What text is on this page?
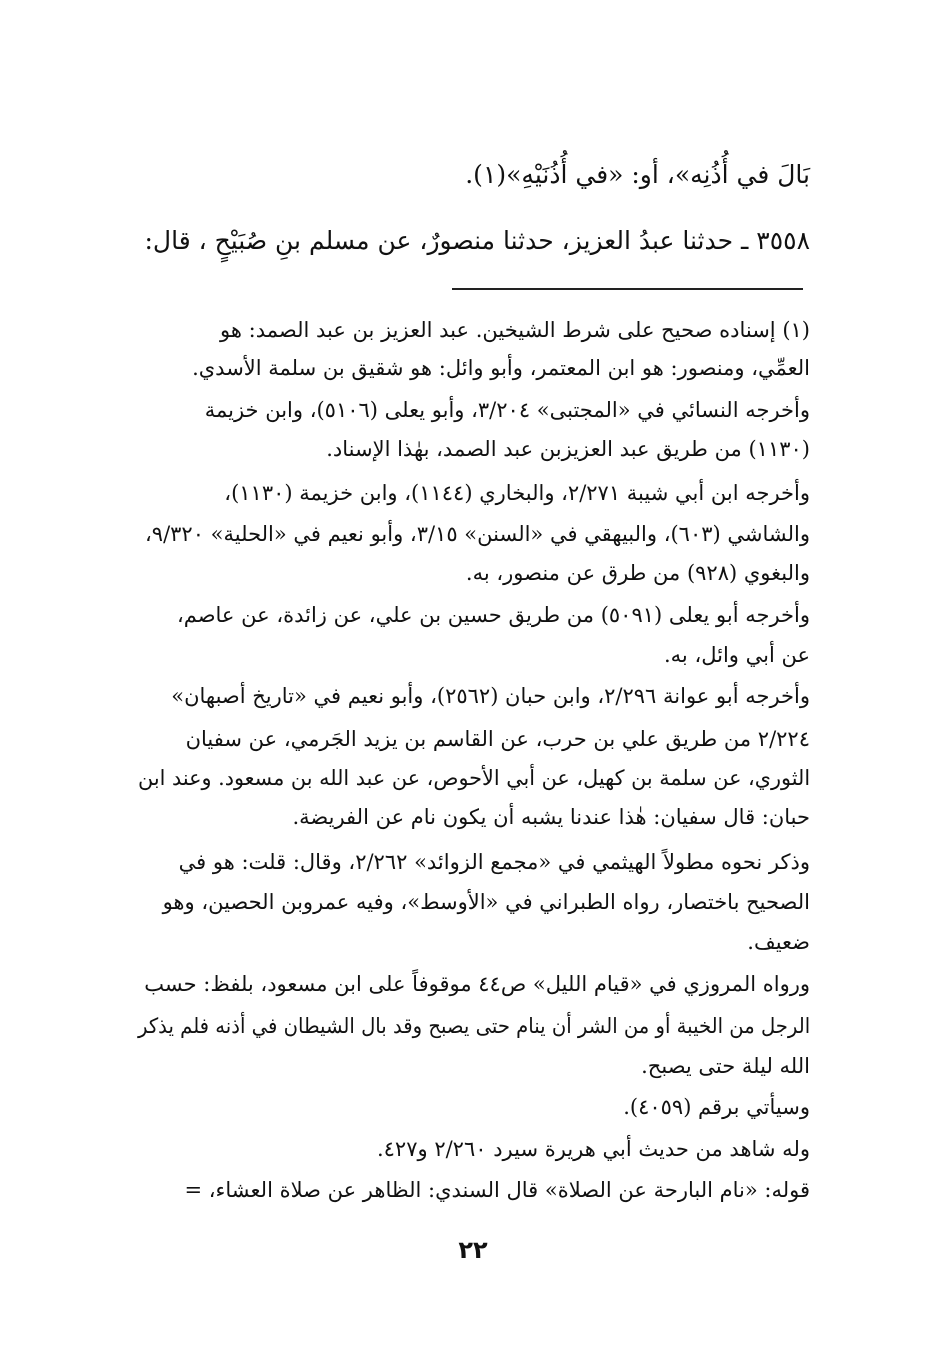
بَالَ في أُذُنِه»، أو: «في أُذُنَيْهِ»(١).
٣٥٥٨ ـ حدثنا عبدُ العزيز، حدثنا منصورٌ، عن مسلم بنِ صُبَيْحٍ ، قال:
(١) إسناده صحيح على شرط الشيخين. عبد العزيز بن عبد الصمد: هو
العمِّي، ومنصور: هو ابن المعتمر، وأبو وائل: هو شقيق بن سلمة الأسدي.
وأخرجه النسائي في «المجتبى» ٣/٢٠٤، وأبو يعلى (٥١٠٦)، وابن خزيمة
(١١٣٠) من طريق عبد العزيزبن عبد الصمد، بهٰذا الإسناد.
وأخرجه ابن أبي شيبة ٢/٢٧١، والبخاري (١١٤٤)، وابن خزيمة (١١٣٠)،
والشاشي (٦٠٣)، والبيهقي في «السنن» ٣/١٥، وأبو نعيم في «الحلية» ٩/٣٢٠،
والبغوي (٩٢٨) من طرق عن منصور، به.
وأخرجه أبو يعلى (٥٠٩١) من طريق حسين بن علي، عن زائدة، عن عاصم،
عن أبي وائل، به.
وأخرجه أبو عوانة ٢/٢٩٦، وابن حبان (٢٥٦٢)، وأبو نعيم في «تاريخ أصبهان»
٢/٢٢٤ من طريق علي بن حرب، عن القاسم بن يزيد الجَرمي، عن سفيان
الثوري، عن سلمة بن كهيل، عن أبي الأحوص، عن عبد الله بن مسعود. وعند ابن
حبان: قال سفيان: هٰذا عندنا يشبه أن يكون نام عن الفريضة.
وذكر نحوه مطولاً الهيثمي في «مجمع الزوائد» ٢/٢٦٢، وقال: قلت: هو في
الصحيح باختصار، رواه الطبراني في «الأوسط»، وفيه عمروبن الحصين، وهو
ضعيف.
ورواه المروزي في «قيام الليل» ص٤٤ موقوفاً على ابن مسعود، بلفظ: حسب
الرجل من الخيبة أو من الشر أن ينام حتى يصبح وقد بال الشيطان في أذنه فلم يذكر
الله ليلة حتى يصبح.
وسيأتي برقم (٤٠٥٩).
وله شاهد من حديث أبي هريرة سيرد ٢/٢٦٠ و٤٢٧.
قوله: «نام البارحة عن الصلاة» قال السندي: الظاهر عن صلاة العشاء، =
٢٢
